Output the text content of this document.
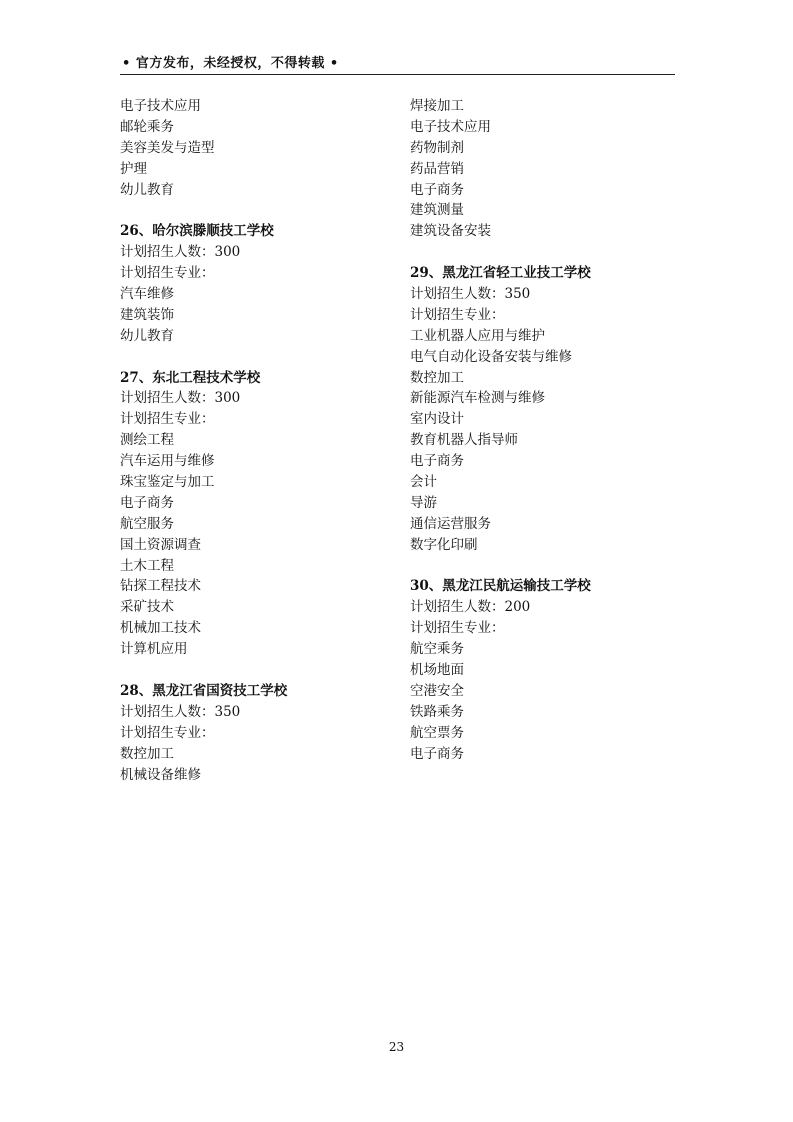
• 官方发布，未经授权，不得转载 •
电子技术应用
邮轮乘务
美容美发与造型
护理
幼儿教育
26、哈尔滨滕顺技工学校
计划招生人数：300
计划招生专业：
汽车维修
建筑装饰
幼儿教育
27、东北工程技术学校
计划招生人数：300
计划招生专业：
测绘工程
汽车运用与维修
珠宝鉴定与加工
电子商务
航空服务
国土资源调查
土木工程
钻探工程技术
采矿技术
机械加工技术
计算机应用
28、黑龙江省国资技工学校
计划招生人数：350
计划招生专业：
数控加工
机械设备维修
焊接加工
电子技术应用
药物制剂
药品营销
电子商务
建筑测量
建筑设备安装
29、黑龙江省轻工业技工学校
计划招生人数：350
计划招生专业：
工业机器人应用与维护
电气自动化设备安装与维修
数控加工
新能源汽车检测与维修
室内设计
教育机器人指导师
电子商务
会计
导游
通信运营服务
数字化印刷
30、黑龙江民航运输技工学校
计划招生人数：200
计划招生专业：
航空乘务
机场地面
空港安全
铁路乘务
航空票务
电子商务
23
